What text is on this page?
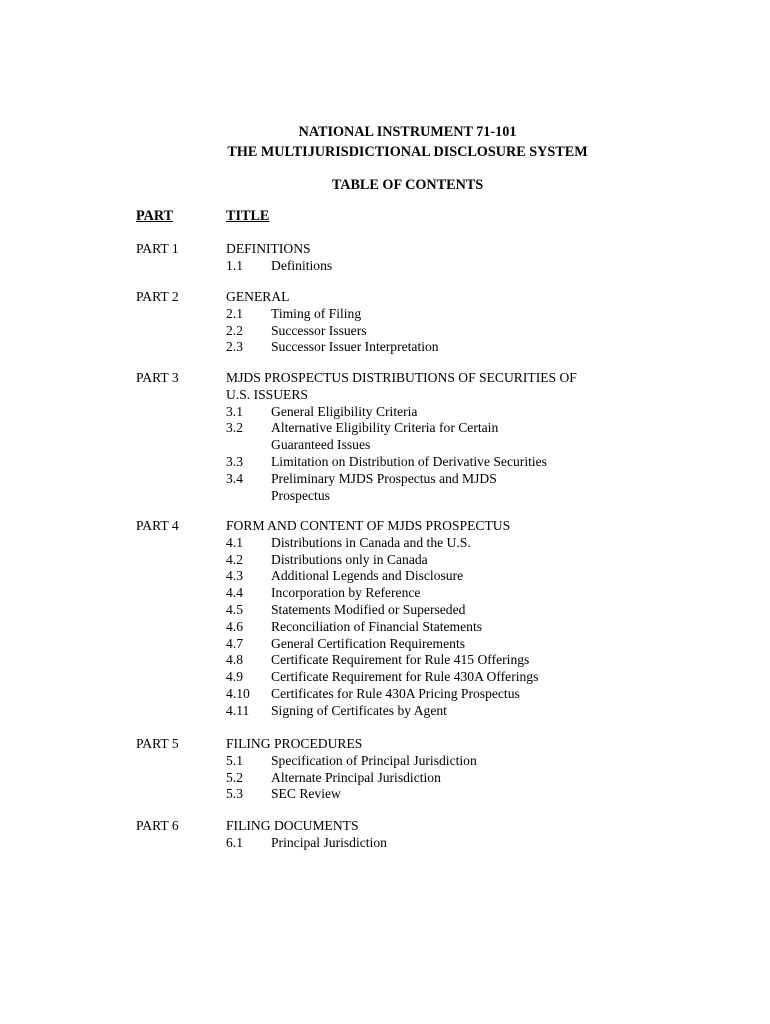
NATIONAL INSTRUMENT 71-101
THE MULTIJURISDICTIONAL DISCLOSURE SYSTEM
TABLE OF CONTENTS
PART	TITLE
PART 1	DEFINITIONS
1.1	Definitions
PART 2	GENERAL
2.1	Timing of Filing
2.2	Successor Issuers
2.3	Successor Issuer Interpretation
PART 3	MJDS PROSPECTUS DISTRIBUTIONS OF SECURITIES OF U.S. ISSUERS
3.1	General Eligibility Criteria
3.2	Alternative Eligibility Criteria for Certain Guaranteed Issues
3.3	Limitation on Distribution of Derivative Securities
3.4	Preliminary MJDS Prospectus and MJDS Prospectus
PART 4	FORM AND CONTENT OF MJDS PROSPECTUS
4.1	Distributions in Canada and the U.S.
4.2	Distributions only in Canada
4.3	Additional Legends and Disclosure
4.4	Incorporation by Reference
4.5	Statements Modified or Superseded
4.6	Reconciliation of Financial Statements
4.7	General Certification Requirements
4.8	Certificate Requirement for Rule 415 Offerings
4.9	Certificate Requirement for Rule 430A Offerings
4.10	Certificates for Rule 430A Pricing Prospectus
4.11	Signing of Certificates by Agent
PART 5	FILING PROCEDURES
5.1	Specification of Principal Jurisdiction
5.2	Alternate Principal Jurisdiction
5.3	SEC Review
PART 6	FILING DOCUMENTS
6.1	Principal Jurisdiction
